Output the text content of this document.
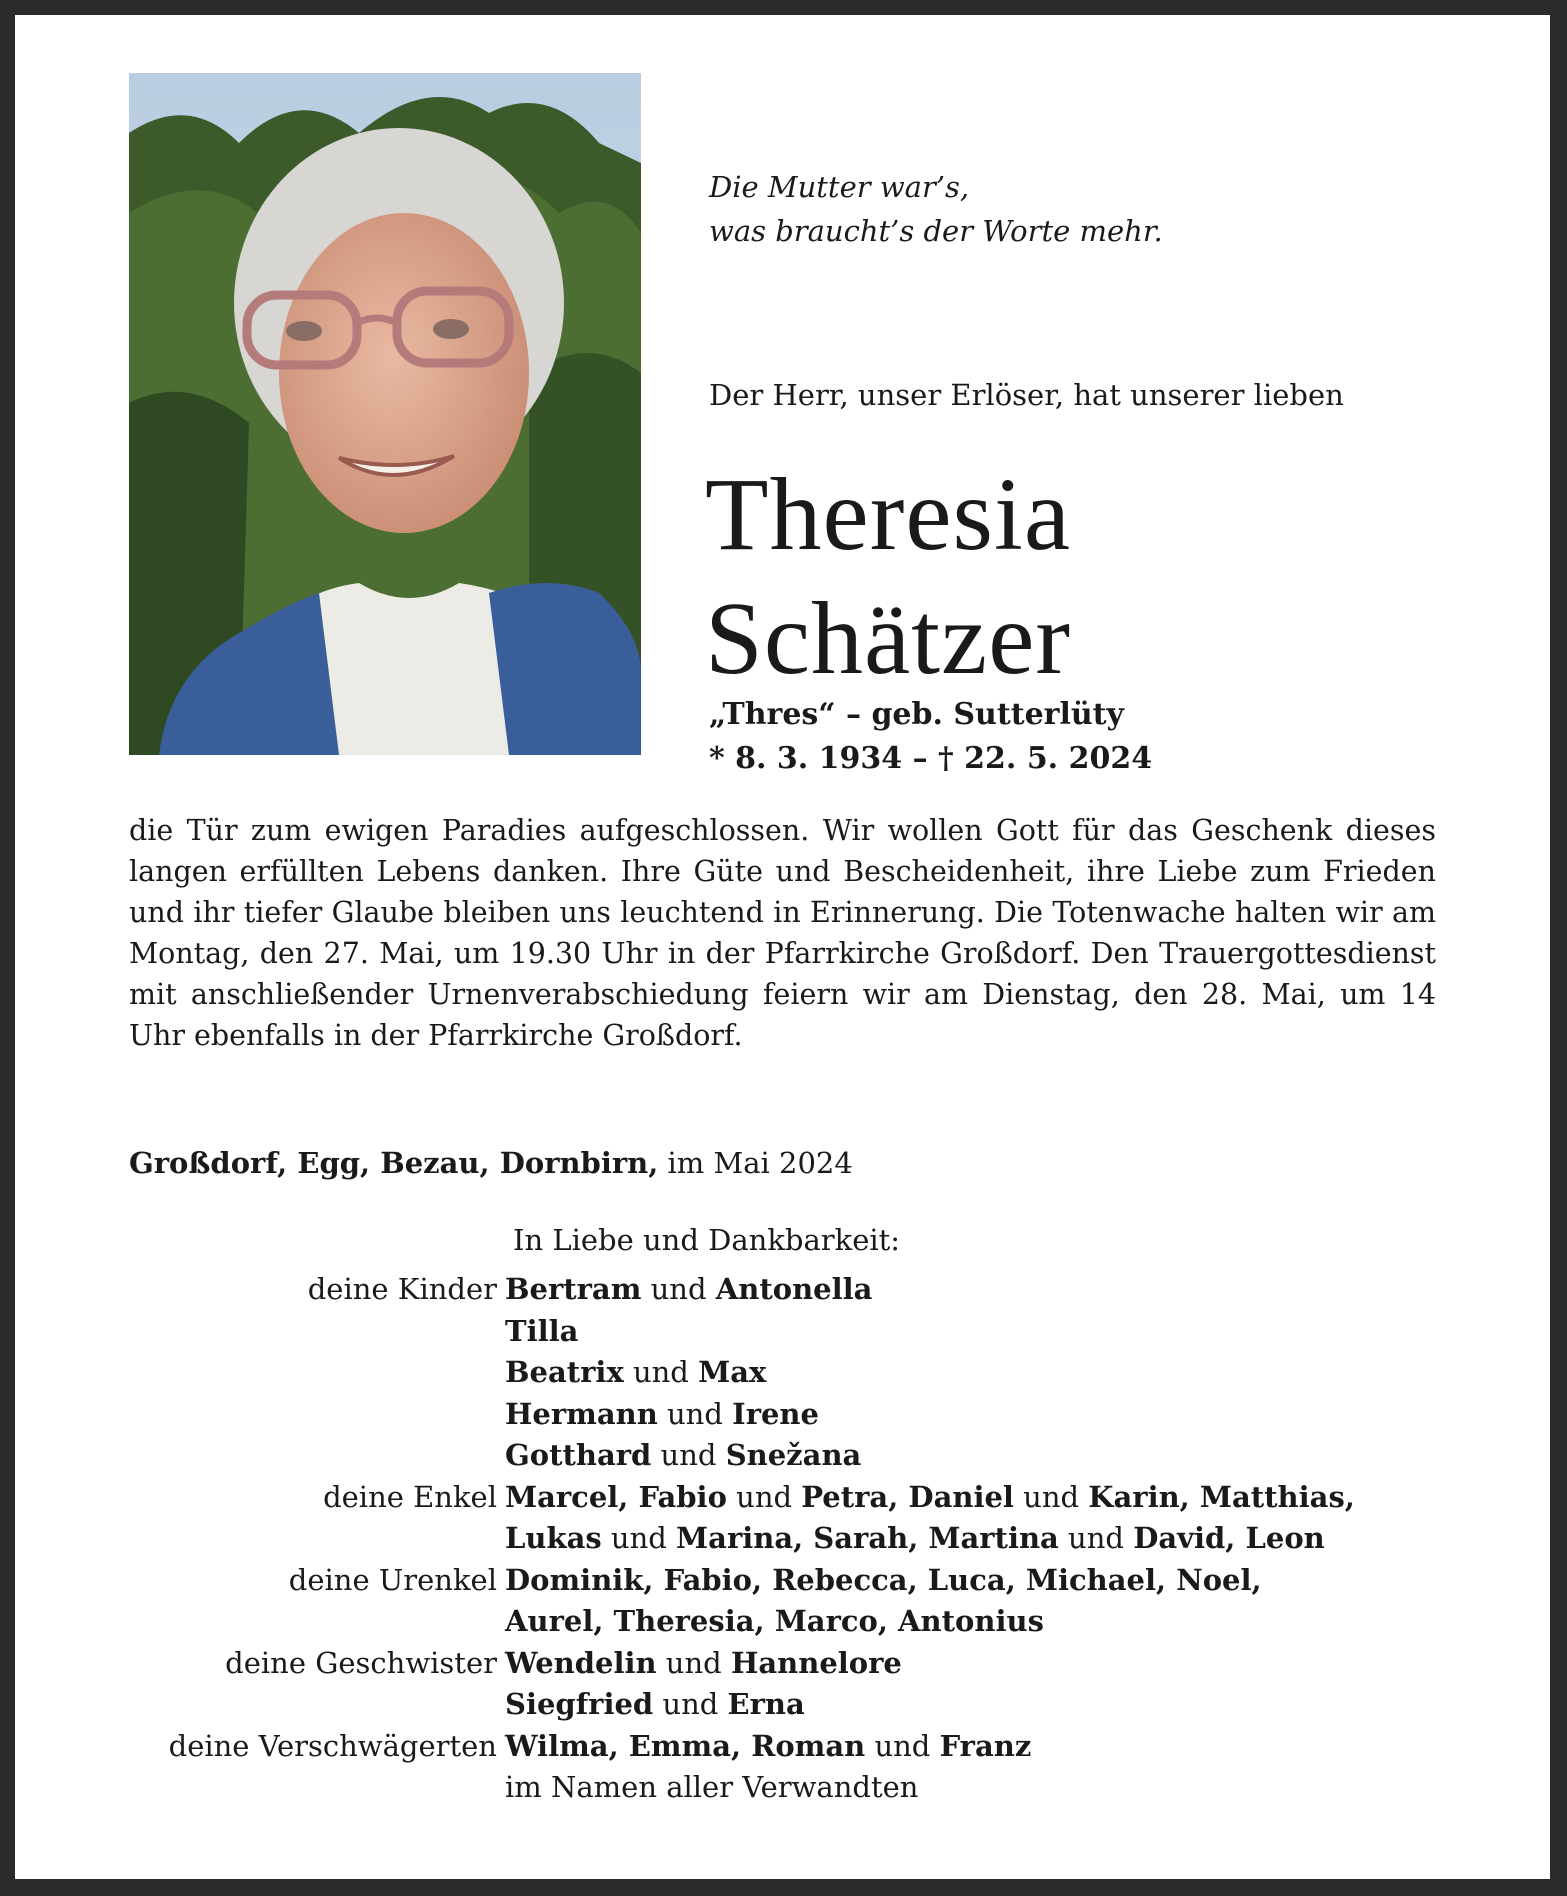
Die Mutter war’s,
was braucht’s der Worte mehr.
Der Herr, unser Erlöser, hat unserer lieben
Theresia
Schätzer
„Thres“ – geb. Sutterlüty
* 8. 3. 1934 – † 22. 5. 2024

die Tür zum ewigen Paradies aufgeschlossen. Wir wollen Gott für das Geschenk dieses langen erfüllten Lebens danken. Ihre Güte und Bescheidenheit, ihre Liebe zum Frieden und ihr tiefer Glaube bleiben uns leuchtend in Erinnerung. Die Totenwache halten wir am Montag, den 27. Mai, um 19.30 Uhr in der Pfarrkirche Großdorf. Den Trauergottesdienst mit anschließender Urnenverabschiedung feiern wir am Dienstag, den 28. Mai, um 14 Uhr ebenfalls in der Pfarrkirche Großdorf.

Großdorf, Egg, Bezau, Dornbirn, im Mai 2024
In Liebe und Dankbarkeit:
deine Kinder Bertram und Antonella
Tilla
Beatrix und Max
Hermann und Irene
Gotthard und Snežana
deine Enkel Marcel, Fabio und Petra, Daniel und Karin, Matthias,
Lukas und Marina, Sarah, Martina und David, Leon
deine Urenkel Dominik, Fabio, Rebecca, Luca, Michael, Noel,
Aurel, Theresia, Marco, Antonius
deine Geschwister Wendelin und Hannelore
Siegfried und Erna
deine Verschwägerten Wilma, Emma, Roman und Franz
im Namen aller Verwandten
